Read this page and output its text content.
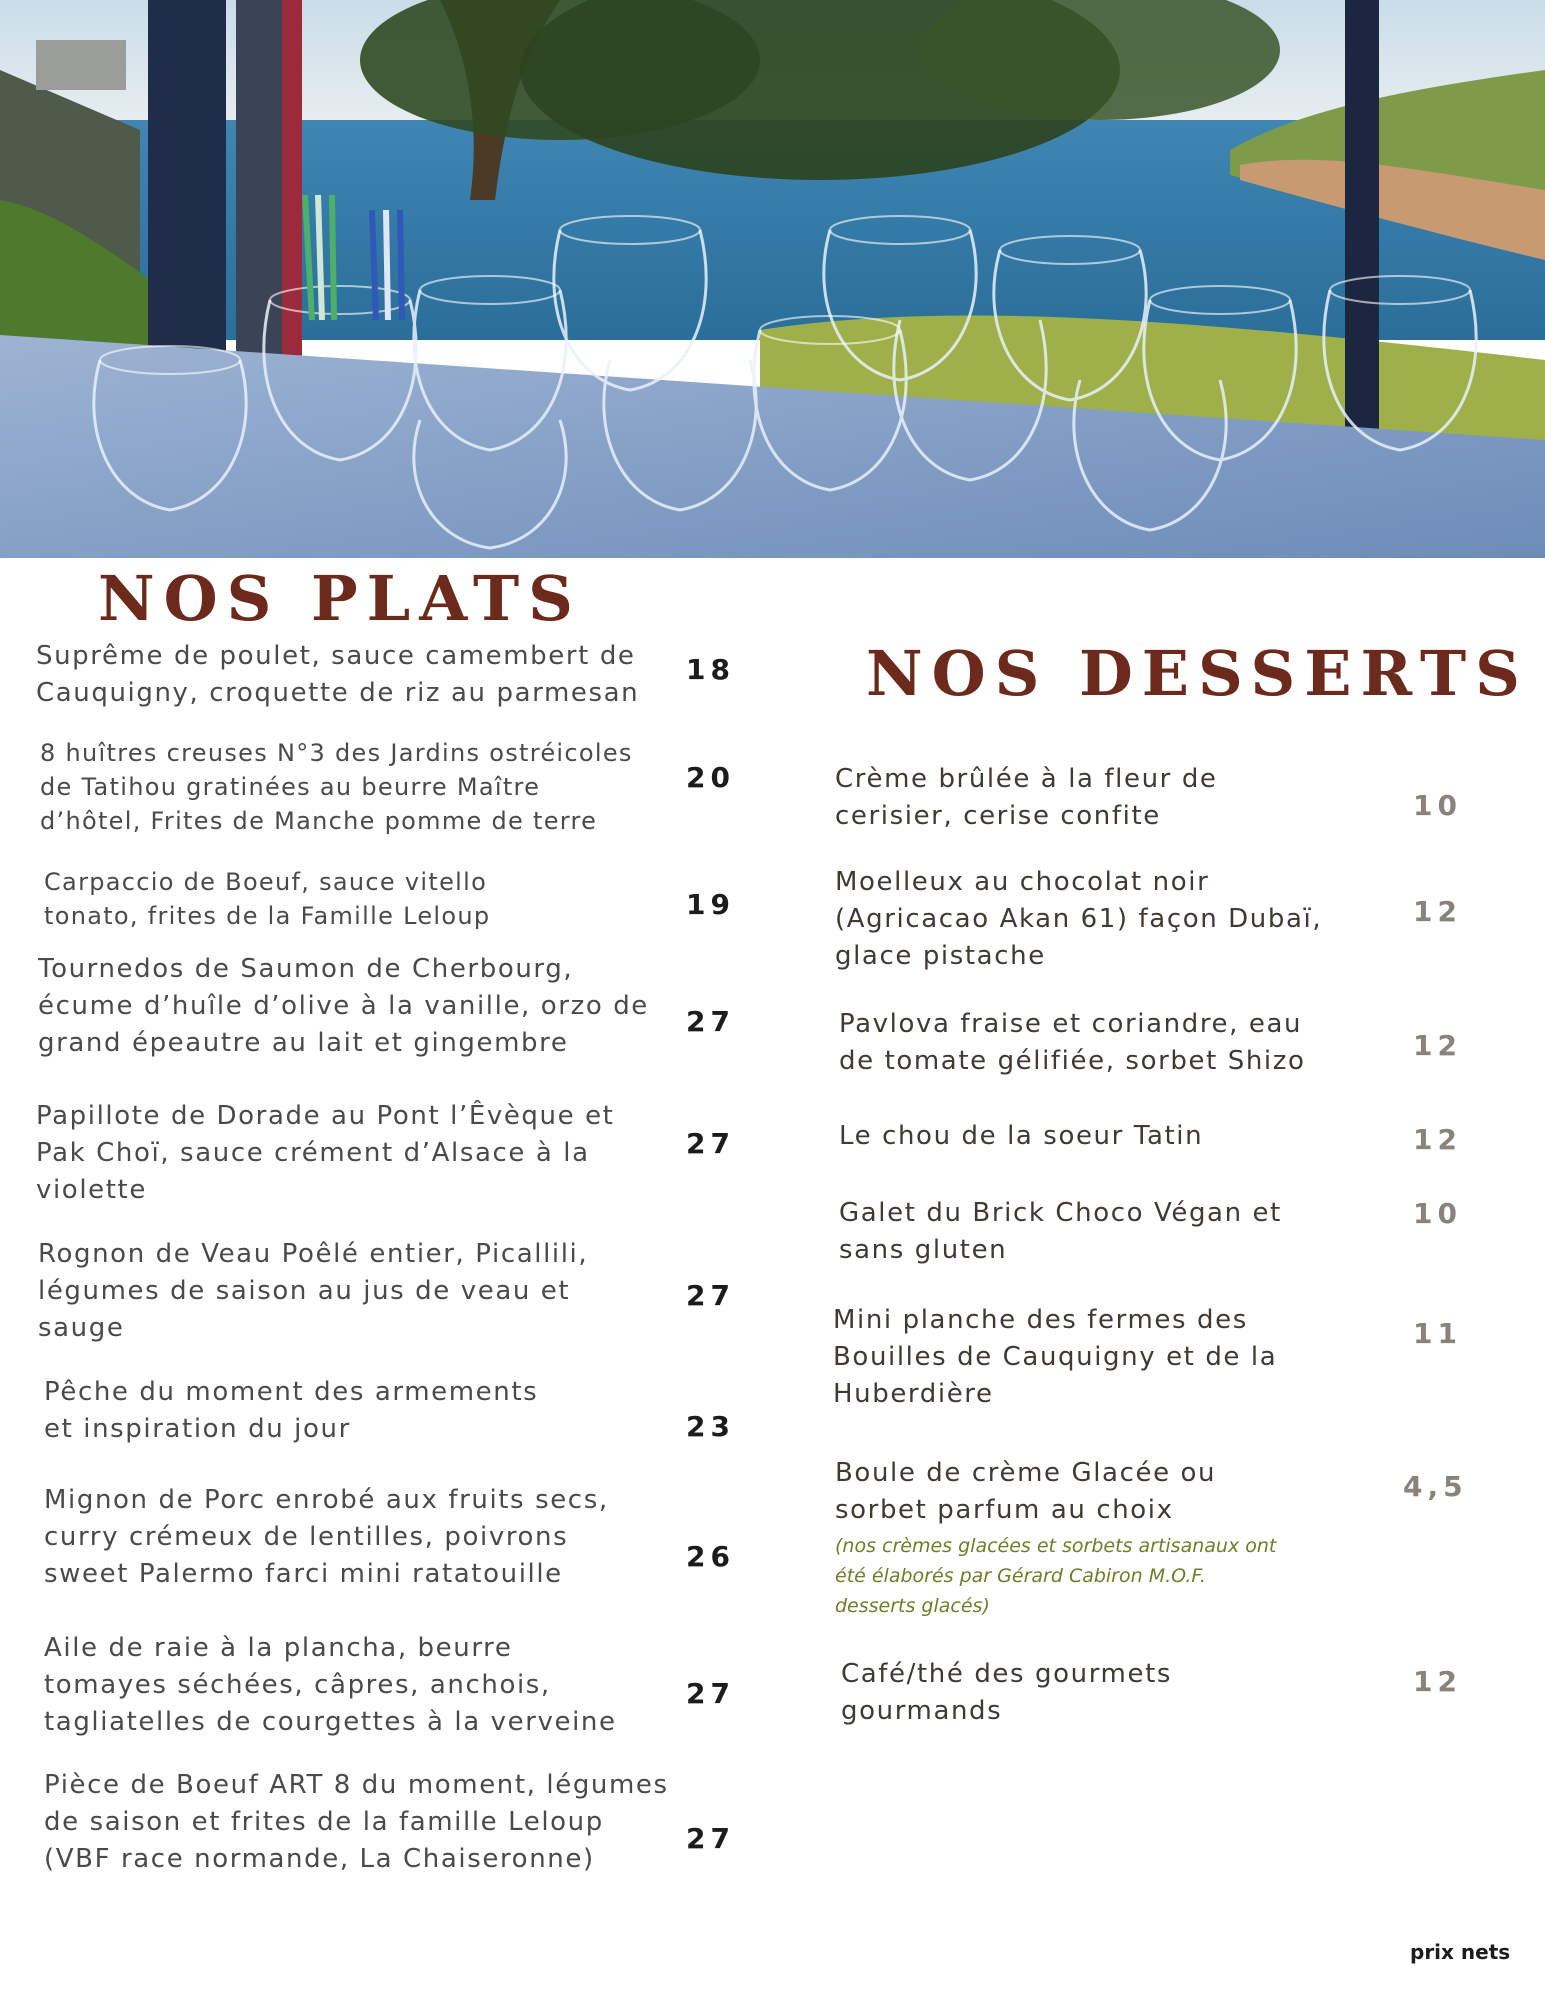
NOS PLATS
Suprême de poulet, sauce camembert de
Cauquigny, croquette de riz au parmesan
18
8 huîtres creuses N°3 des Jardins ostréicoles
de Tatihou gratinées au beurre Maître
d’hôtel, Frites de Manche pomme de terre
20
Carpaccio de Boeuf, sauce vitello
tonato, frites de la Famille Leloup	19
Tournedos de Saumon de Cherbourg,
écume d’huîle d’olive à la vanille, orzo de
grand épeautre au lait et gingembre
27
Papillote de Dorade au Pont l’Êvèque et
Pak Choï, sauce crément d’Alsace à la
violette
27
Rognon de Veau Poêlé entier, Picallili,
légumes de saison au jus de veau et
sauge
27
Pêche du moment des armements
et inspiration du jour	23
Mignon de Porc enrobé aux fruits secs,
curry crémeux de lentilles, poivrons
sweet Palermo farci mini ratatouille
26
Aile de raie à la plancha, beurre
tomayes séchées, câpres, anchois,
tagliatelles de courgettes à la verveine
27
Pièce de Boeuf ART 8 du moment, légumes
de saison et frites de la famille Leloup
(VBF race normande, La Chaiseronne)
27
NOS DESSERTS
Crème brûlée à la fleur de
cerisier, cerise confite	10
Moelleux au chocolat noir
(Agricacao Akan 61) façon Dubaï,
glace pistache
12
Pavlova fraise et coriandre, eau
de tomate gélifiée, sorbet Shizo	12
Le chou de la soeur Tatin	12
Galet du Brick Choco Végan et
sans gluten
10
Mini planche des fermes des
Bouilles de Cauquigny et de la
Huberdière
11
Boule de crème Glacée ou
sorbet parfum au choix
(nos crèmes glacées et sorbets artisanaux ont
été élaborés par Gérard Cabiron M.O.F.
desserts glacés)
4,5
Café/thé des gourmets
gourmands
12
prix nets
